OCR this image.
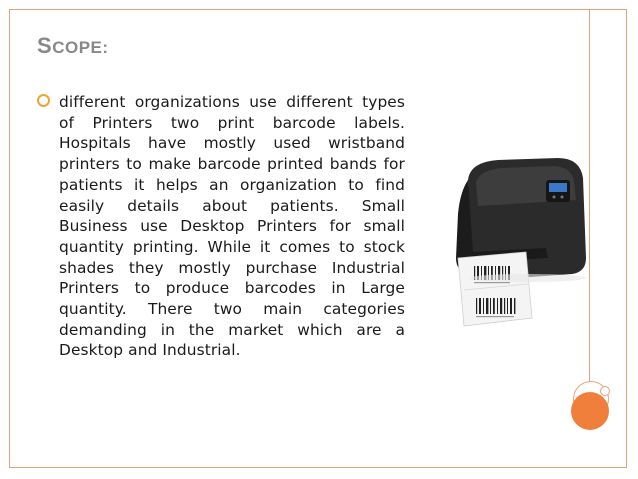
SCOPE:
different organizations use different types of Printers two print barcode labels. Hospitals have mostly used wristband printers to make barcode printed bands for patients it helps an organization to find easily details about patients. Small Business use Desktop Printers for small quantity printing. While it comes to stock shades they mostly purchase Industrial Printers to produce barcodes in Large quantity. There two main categories demanding in the market which are a Desktop and Industrial.
